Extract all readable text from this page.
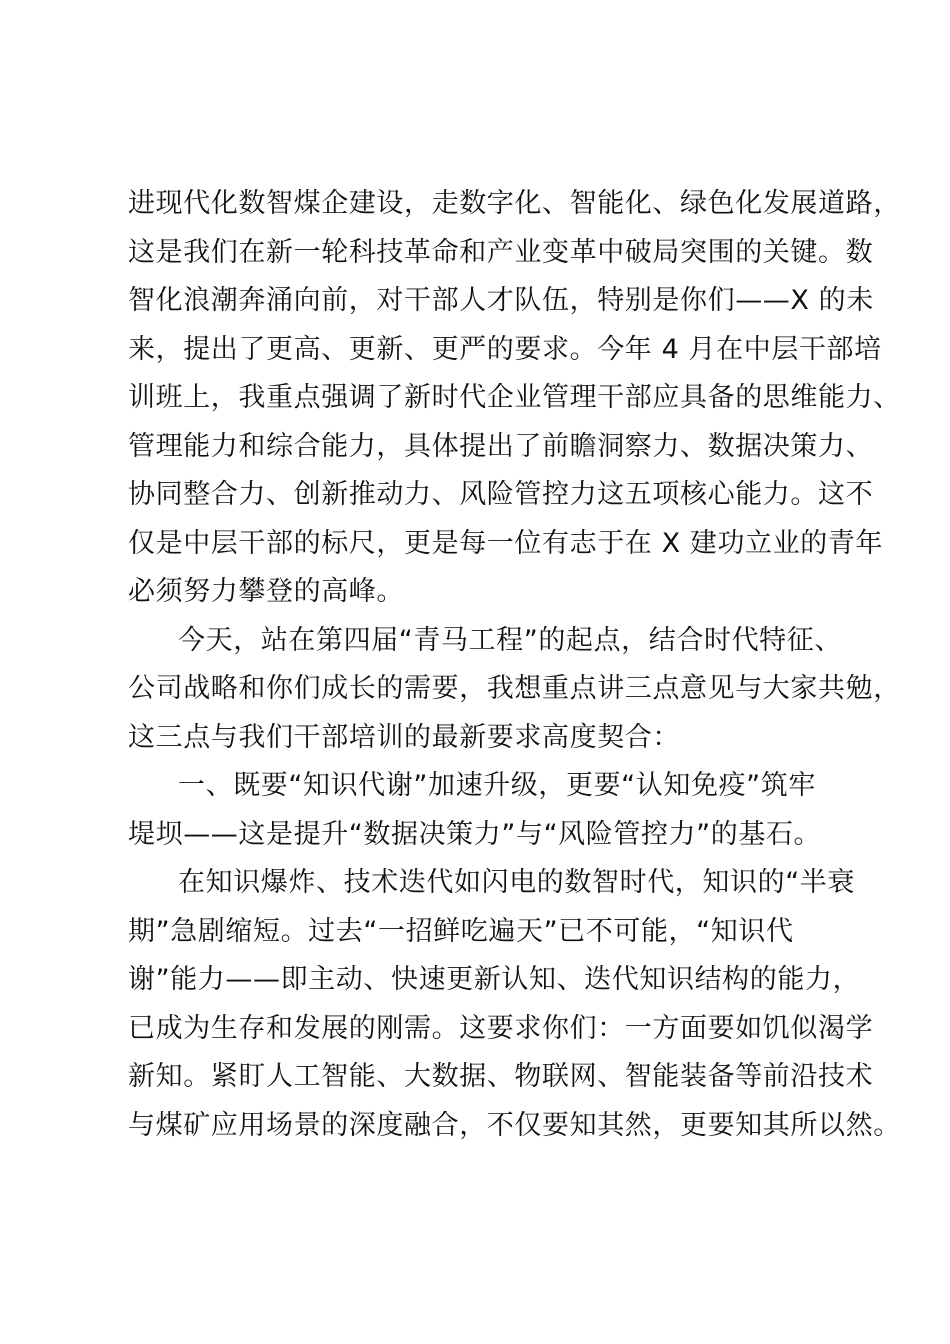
进现代化数智煤企建设，走数字化、智能化、绿色化发展道路，
这是我们在新一轮科技革命和产业变革中破局突围的关键。数
智化浪潮奔涌向前，对干部人才队伍，特别是你们——X 的未
来，提出了更高、更新、更严的要求。今年 4 月在中层干部培
训班上，我重点强调了新时代企业管理干部应具备的思维能力、
管理能力和综合能力，具体提出了前瞻洞察力、数据决策力、
协同整合力、创新推动力、风险管控力这五项核心能力。这不
仅是中层干部的标尺，更是每一位有志于在 X 建功立业的青年
必须努力攀登的高峰。
今天，站在第四届“青马工程”的起点，结合时代特征、
公司战略和你们成长的需要，我想重点讲三点意见与大家共勉，
这三点与我们干部培训的最新要求高度契合：
一、既要“知识代谢”加速升级，更要“认知免疫”筑牢
堤坝——这是提升“数据决策力”与“风险管控力”的基石。
在知识爆炸、技术迭代如闪电的数智时代，知识的“半衰
期”急剧缩短。过去“一招鲜吃遍天”已不可能，“知识代
谢”能力——即主动、快速更新认知、迭代知识结构的能力，
已成为生存和发展的刚需。这要求你们：一方面要如饥似渴学
新知。紧盯人工智能、大数据、物联网、智能装备等前沿技术
与煤矿应用场景的深度融合，不仅要知其然，更要知其所以然。
